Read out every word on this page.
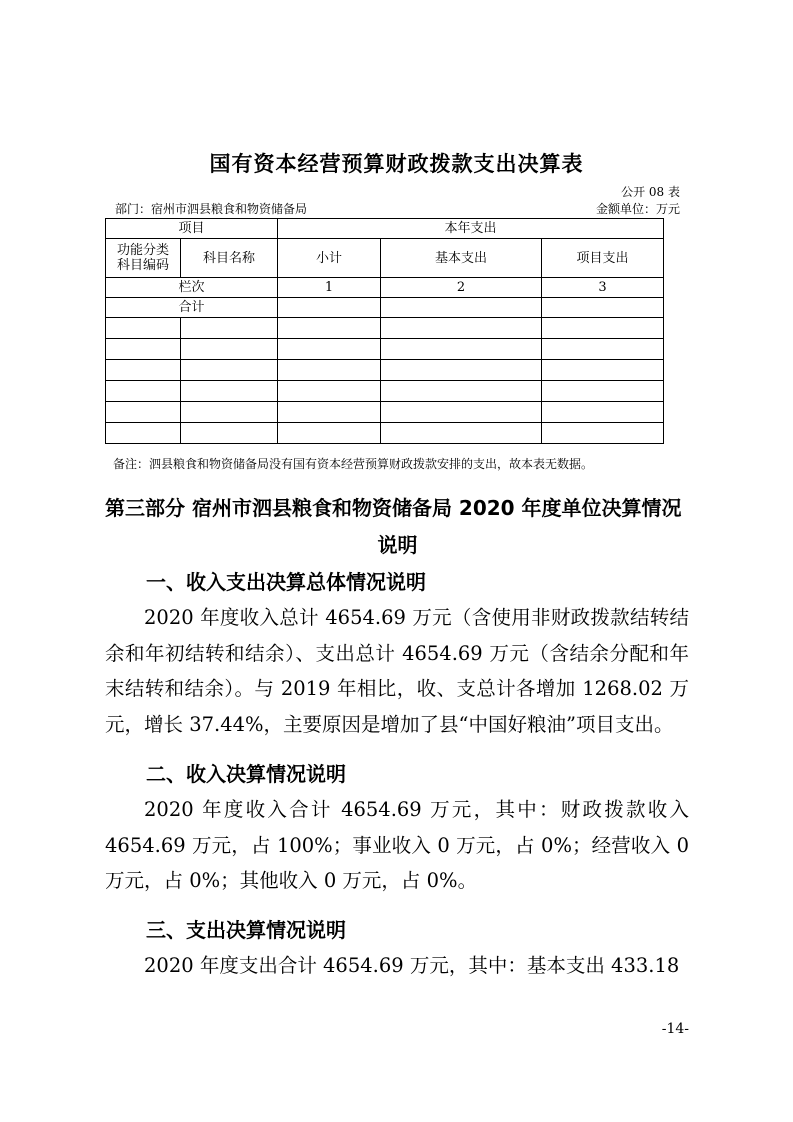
国有资本经营预算财政拨款支出决算表
公开 08 表
部门：宿州市泗县粮食和物资储备局	金额单位：万元
项目		本年支出		
功能分类科目编码	科目名称	小计	基本支出	项目支出
栏次		1	2	3
合计				

备注：泗县粮食和物资储备局没有国有资本经营预算财政拨款安排的支出，故本表无数据。
第三部分 宿州市泗县粮食和物资储备局 2020 年度单位决算情况
说明
一、收入支出决算总体情况说明
2020 年度收入总计 4654.69 万元（含使用非财政拨款结转结余和年初结转和结余）、支出总计 4654.69 万元（含结余分配和年末结转和结余）。与 2019 年相比，收、支总计各增加 1268.02 万元，增长 37.44%，主要原因是增加了县“中国好粮油”项目支出。
二、收入决算情况说明
2020 年度收入合计 4654.69 万元，其中：财政拨款收入 4654.69 万元，占 100%；事业收入 0 万元，占 0%；经营收入 0 万元，占 0%；其他收入 0 万元，占 0%。
三、支出决算情况说明
2020 年度支出合计 4654.69 万元，其中：基本支出 433.18
-14-
